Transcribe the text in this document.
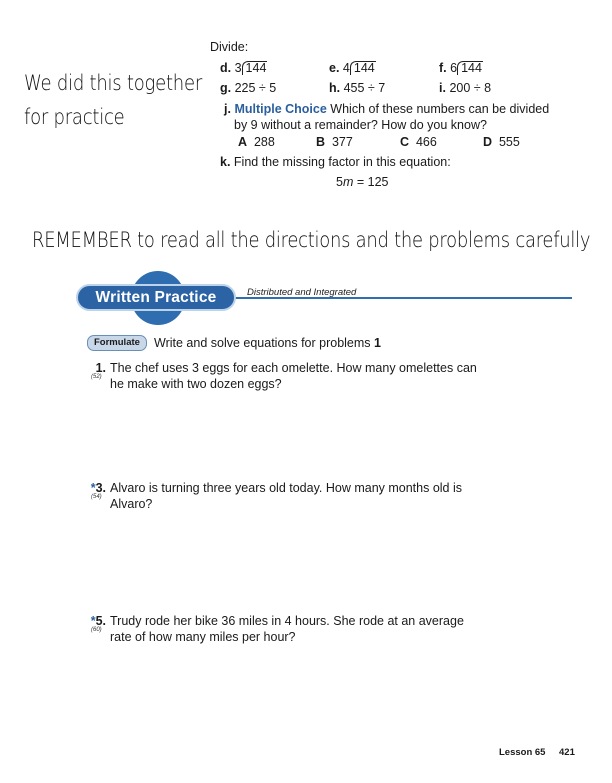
We did this together
for practice
Divide:
d. 3 144	e. 4 144	f. 6 144
g. 225 ÷ 5	h. 455 ÷ 7	i. 200 ÷ 8
j. Multiple Choice Which of these numbers can be divided
by 9 without a remainder? How do you know?
A 288	B 377	C 466	D 555
k. Find the missing factor in this equation:
5m = 125
REMEMBER to read all the directions and the problems carefully
Written Practice	Distributed and Integrated
Formulate	Write and solve equations for problems 1
1.
(52)
The chef uses 3 eggs for each omelette. How many omelettes can
he make with two dozen eggs?
*3.
(54)
Alvaro is turning three years old today. How many months old is
Alvaro?
*5.
(60)
Trudy rode her bike 36 miles in 4 hours. She rode at an average
rate of how many miles per hour?
Lesson 65 421
